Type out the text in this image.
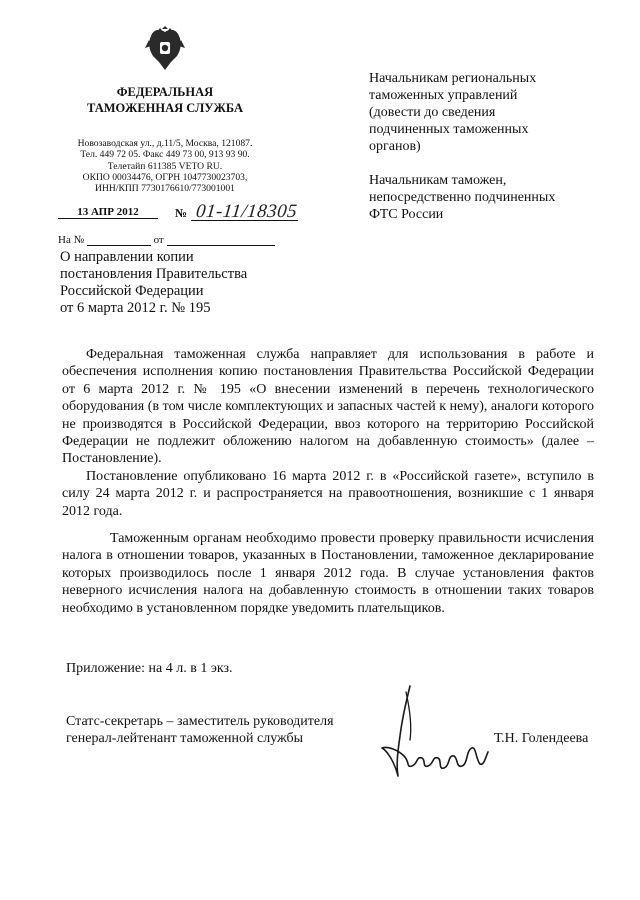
ФЕДЕРАЛЬНАЯ
ТАМОЖЕННАЯ СЛУЖБА
Новозаводская ул., д.11/5, Москва, 121087.
Тел. 449 72 05. Факс 449 73 00, 913 93 90.
Телетайп 611385 VETO RU.
ОКПО 00034476, ОГРН 1047730023703,
ИНН/КПП 7730176610/773001001
13 АПР 2012	№ 01-11/18305
На №	от
О направлении копии
постановления Правительства
Российской Федерации
от 6 марта 2012 г. № 195
Начальникам региональных
таможенных управлений
(довести до сведения
подчиненных таможенных
органов)
Начальникам таможен,
непосредственно подчиненных
ФТС России

Федеральная таможенная служба направляет для использования в работе и обеспечения исполнения копию постановления Правительства Российской Федерации от 6 марта 2012 г. № 195 «О внесении изменений в перечень технологического оборудования (в том числе комплектующих и запасных частей к нему), аналоги которого не производятся в Российской Федерации, ввоз которого на территорию Российской Федерации не подлежит обложению налогом на добавленную стоимость» (далее – Постановление).

Постановление опубликовано 16 марта 2012 г. в «Российской газете», вступило в силу 24 марта 2012 г. и распространяется на правоотношения, возникшие с 1 января 2012 года.

Таможенным органам необходимо провести проверку правильности исчисления налога в отношении товаров, указанных в Постановлении, таможенное декларирование которых производилось после 1 января 2012 года. В случае установления фактов неверного исчисления налога на добавленную стоимость в отношении таких товаров необходимо в установленном порядке уведомить плательщиков.

Приложение: на 4 л. в 1 экз.
Статс-секретарь – заместитель руководителя
генерал-лейтенант таможенной службы	Т.Н. Голендеева
